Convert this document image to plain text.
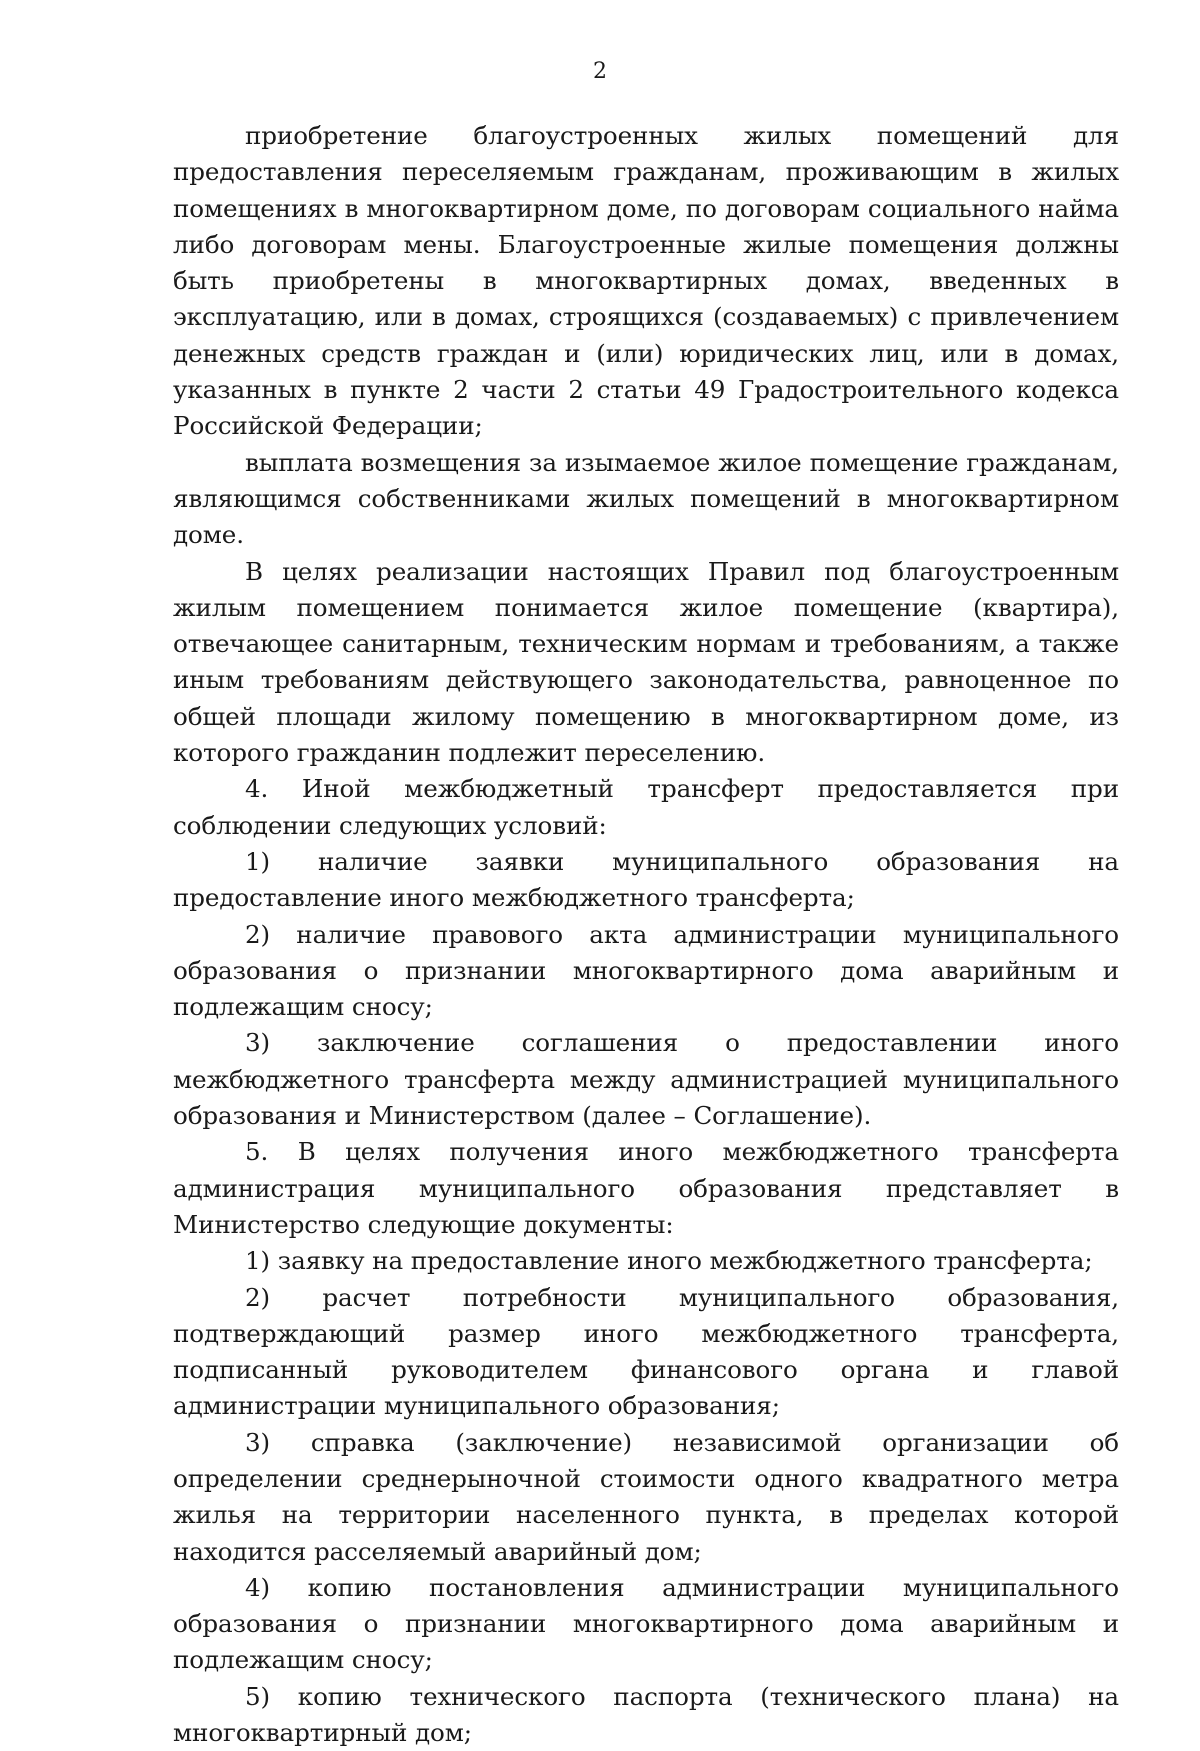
2

приобретение благоустроенных жилых помещений для предоставления переселяемым гражданам, проживающим в жилых помещениях в многоквартирном доме, по договорам социального найма либо договорам мены. Благоустроенные жилые помещения должны быть приобретены в многоквартирных домах, введенных в эксплуатацию, или в домах, строящихся (создаваемых) с привлечением денежных средств граждан и (или) юридических лиц, или в домах, указанных в пункте 2 части 2 статьи 49 Градостроительного кодекса Российской Федерации;

выплата возмещения за изымаемое жилое помещение гражданам, являющимся собственниками жилых помещений в многоквартирном доме.

В целях реализации настоящих Правил под благоустроенным жилым помещением понимается жилое помещение (квартира), отвечающее санитарным, техническим нормам и требованиям, а также иным требованиям действующего законодательства, равноценное по общей площади жилому помещению в многоквартирном доме, из которого гражданин подлежит переселению.

4. Иной межбюджетный трансферт предоставляется при соблюдении следующих условий:

1) наличие заявки муниципального образования на предоставление иного межбюджетного трансферта;

2) наличие правового акта администрации муниципального образования о признании многоквартирного дома аварийным и подлежащим сносу;

3) заключение соглашения о предоставлении иного межбюджетного трансферта между администрацией муниципального образования и Министерством (далее – Соглашение).

5. В целях получения иного межбюджетного трансферта администрация муниципального образования представляет в Министерство следующие документы:

1) заявку на предоставление иного межбюджетного трансферта;

2) расчет потребности муниципального образования, подтверждающий размер иного межбюджетного трансферта, подписанный руководителем финансового органа и главой администрации муниципального образования;

3) справка (заключение) независимой организации об определении среднерыночной стоимости одного квадратного метра жилья на территории населенного пункта, в пределах которой находится расселяемый аварийный дом;

4) копию постановления администрации муниципального образования о признании многоквартирного дома аварийным и подлежащим сносу;

5) копию технического паспорта (технического плана) на многоквартирный дом;
